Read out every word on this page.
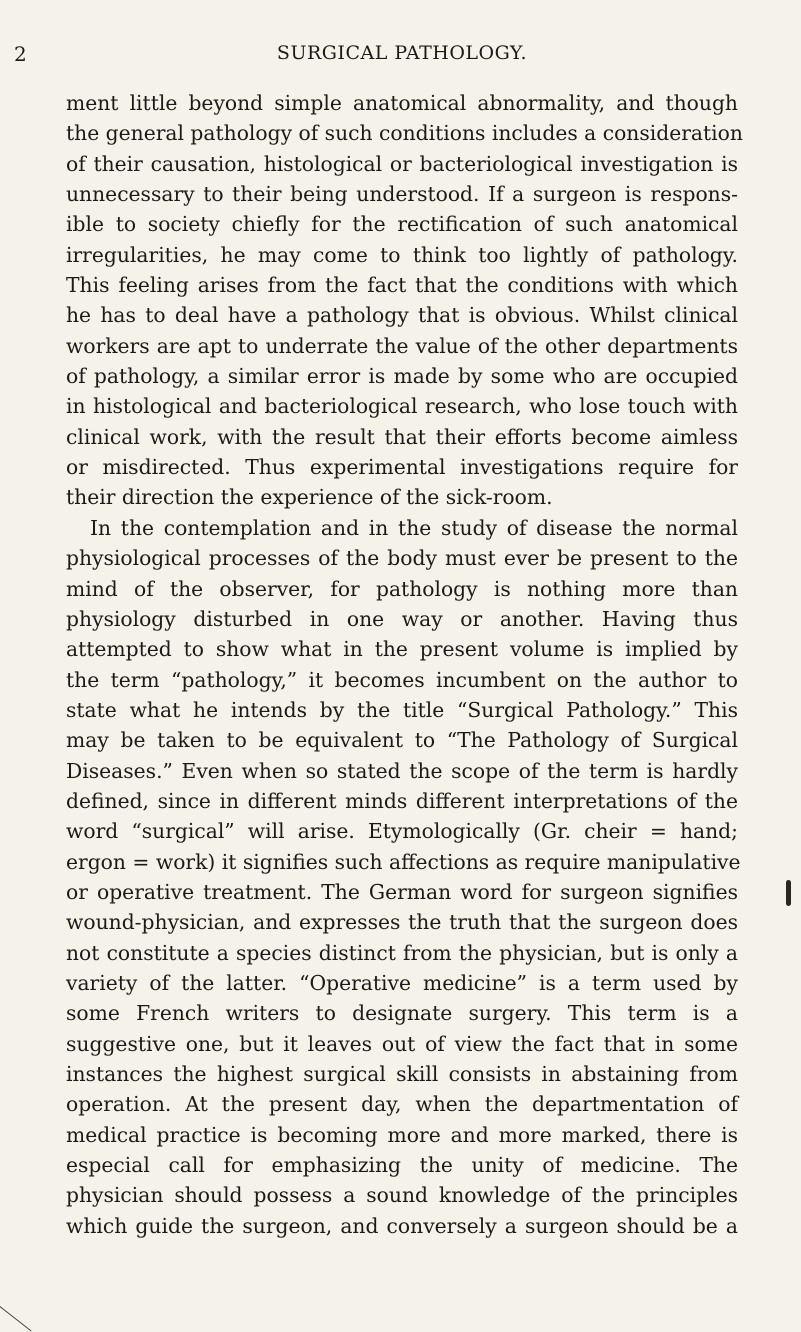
2	SURGICAL PATHOLOGY.

ment little beyond simple anatomical abnormality, and though
the general pathology of such conditions includes a consideration
of their causation, histological or bacteriological investigation is
unnecessary to their being understood. If a surgeon is respons-
ible to society chiefly for the rectification of such anatomical
irregularities, he may come to think too lightly of pathology.
This feeling arises from the fact that the conditions with which
he has to deal have a pathology that is obvious. Whilst clinical
workers are apt to underrate the value of the other departments
of pathology, a similar error is made by some who are occupied
in histological and bacteriological research, who lose touch with
clinical work, with the result that their efforts become aimless
or misdirected. Thus experimental investigations require for
their direction the experience of the sick-room.

In the contemplation and in the study of disease the normal
physiological processes of the body must ever be present to the
mind of the observer, for pathology is nothing more than
physiology disturbed in one way or another. Having thus
attempted to show what in the present volume is implied by
the term “pathology,” it becomes incumbent on the author to
state what he intends by the title “Surgical Pathology.” This
may be taken to be equivalent to “The Pathology of Surgical
Diseases.” Even when so stated the scope of the term is hardly
defined, since in different minds different interpretations of the
word “surgical” will arise. Etymologically (Gr. cheir = hand;
ergon = work) it signifies such affections as require manipulative
or operative treatment. The German word for surgeon signifies
wound-physician, and expresses the truth that the surgeon does
not constitute a species distinct from the physician, but is only a
variety of the latter. “Operative medicine” is a term used by
some French writers to designate surgery. This term is a
suggestive one, but it leaves out of view the fact that in some
instances the highest surgical skill consists in abstaining from
operation. At the present day, when the departmentation of
medical practice is becoming more and more marked, there is
especial call for emphasizing the unity of medicine. The
physician should possess a sound knowledge of the principles
which guide the surgeon, and conversely a surgeon should be a
